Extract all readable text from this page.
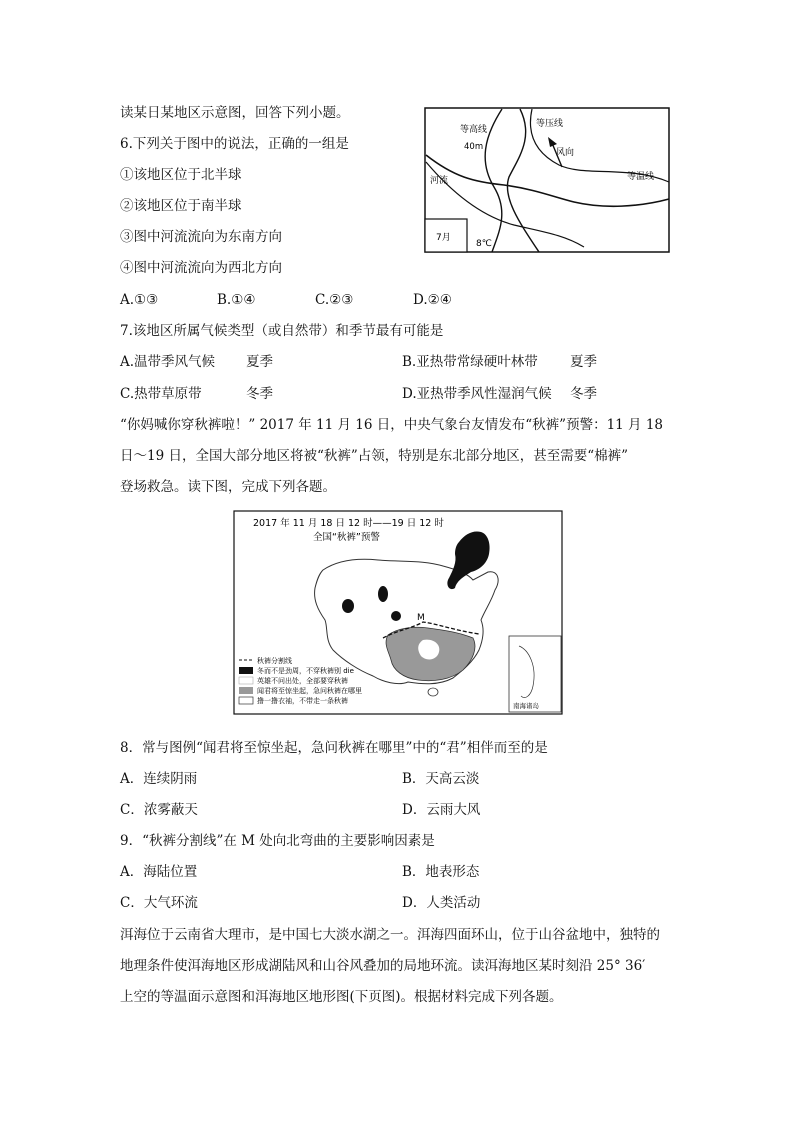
读某日某地区示意图，回答下列小题。
6.下列关于图中的说法，正确的一组是
①该地区位于北半球
②该地区位于南半球
③图中河流流向为东南方向
④图中河流流向为西北方向
A.①③	B.①④	C.②③	D.②④
等高线
等压线
40m
风向
河流	等温线
7月
8℃
7.该地区所属气候类型（或自然带）和季节最有可能是
A.温带季风气候 夏季	B.亚热带常绿硬叶林带 夏季
C.热带草原带	冬季	D.亚热带季风性湿润气候 冬季
“你妈喊你穿秋裤啦！” 2017 年 11 月 16 日，中央气象台友情发布“秋裤”预警：11 月 18
日～19 日，全国大部分地区将被“秋裤”占领，特别是东北部分地区，甚至需要“棉裤”
登场救急。读下图，完成下列各题。
2017 年 11 月 18 日 12 时——19 日 12 时
全国“秋裤”预警
M
南海诸岛
秋裤分割线
冬而不是劲周，不穿秋裤别 die
英雄不问出处，全部要穿秋裤
闻君将至惊坐起，急问秋裤在哪里
撸一撸衣袖，不带走一条秋裤
8．常与图例“闻君将至惊坐起，急问秋裤在哪里”中的“君”相伴而至的是
A．连续阴雨	B．天高云淡
C．浓雾蔽天	D．云雨大风
9．“秋裤分割线”在 M 处向北弯曲的主要影响因素是
A．海陆位置	B．地表形态
C．大气环流	D．人类活动
洱海位于云南省大理市，是中国七大淡水湖之一。洱海四面环山，位于山谷盆地中，独特的
地理条件使洱海地区形成湖陆风和山谷风叠加的局地环流。读洱海地区某时刻沿 25° 36′
上空的等温面示意图和洱海地区地形图(下页图)。根据材料完成下列各题。
